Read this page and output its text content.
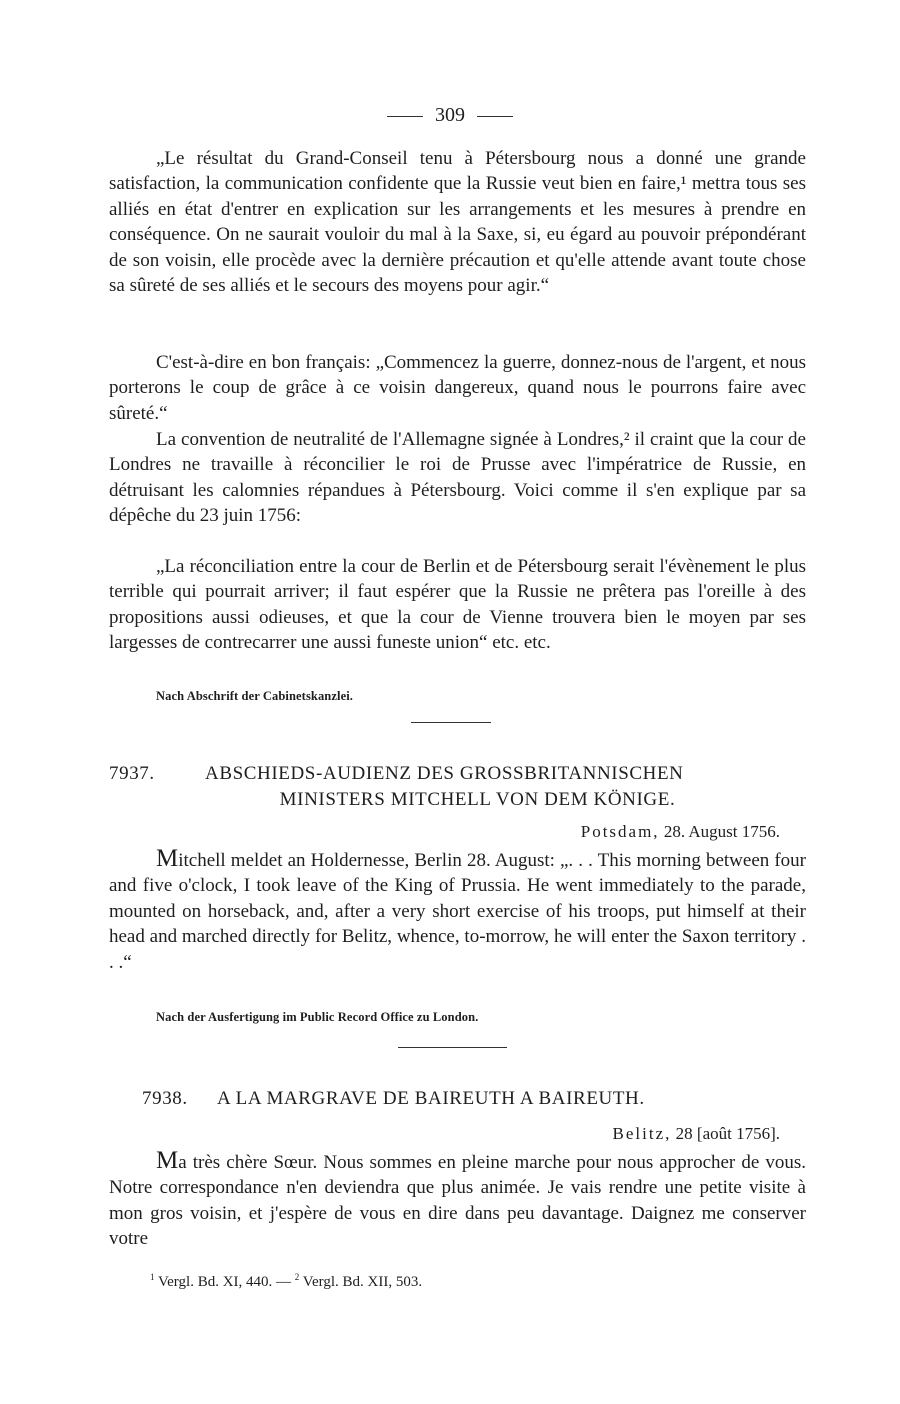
309
„Le résultat du Grand-Conseil tenu à Pétersbourg nous a donné une grande satisfaction, la communication confidente que la Russie veut bien en faire,¹ mettra tous ses alliés en état d'entrer en explication sur les arrangements et les mesures à prendre en conséquence. On ne saurait vouloir du mal à la Saxe, si, eu égard au pouvoir prépondérant de son voisin, elle procède avec la dernière précaution et qu'elle attende avant toute chose sa sûreté de ses alliés et le secours des moyens pour agir.“
C'est-à-dire en bon français: „Commencez la guerre, donnez-nous de l'argent, et nous porterons le coup de grâce à ce voisin dangereux, quand nous le pourrons faire avec sûreté.“
La convention de neutralité de l'Allemagne signée à Londres,² il craint que la cour de Londres ne travaille à réconcilier le roi de Prusse avec l'impératrice de Russie, en détruisant les calomnies répandues à Pétersbourg. Voici comme il s'en explique par sa dépêche du 23 juin 1756:
„La réconciliation entre la cour de Berlin et de Pétersbourg serait l'évènement le plus terrible qui pourrait arriver; il faut espérer que la Russie ne prêtera pas l'oreille à des propositions aussi odieuses, et que la cour de Vienne trouvera bien le moyen par ses largesses de contrecarrer une aussi funeste union“ etc. etc.
Nach Abschrift der Cabinetskanzlei.
7937.	ABSCHIEDS-AUDIENZ DES GROSSBRITANNISCHEN
MINISTERS MITCHELL VON DEM KÖNIGE.
Potsdam, 28. August 1756.
Mitchell meldet an Holdernesse, Berlin 28. August: „. . . This morning between four and five o'clock, I took leave of the King of Prussia. He went immediately to the parade, mounted on horseback, and, after a very short exercise of his troops, put himself at their head and marched directly for Belitz, whence, to-morrow, he will enter the Saxon territory . . .“
Nach der Ausfertigung im Public Record Office zu London.
7938. A LA MARGRAVE DE BAIREUTH A BAIREUTH.
Belitz, 28 [août 1756].
Ma très chère Sœur. Nous sommes en pleine marche pour nous approcher de vous. Notre correspondance n'en deviendra que plus animée. Je vais rendre une petite visite à mon gros voisin, et j'espère de vous en dire dans peu davantage. Daignez me conserver votre
$^1$ Vergl. Bd. XI, 440. — $^2$ Vergl. Bd. XII, 503.
